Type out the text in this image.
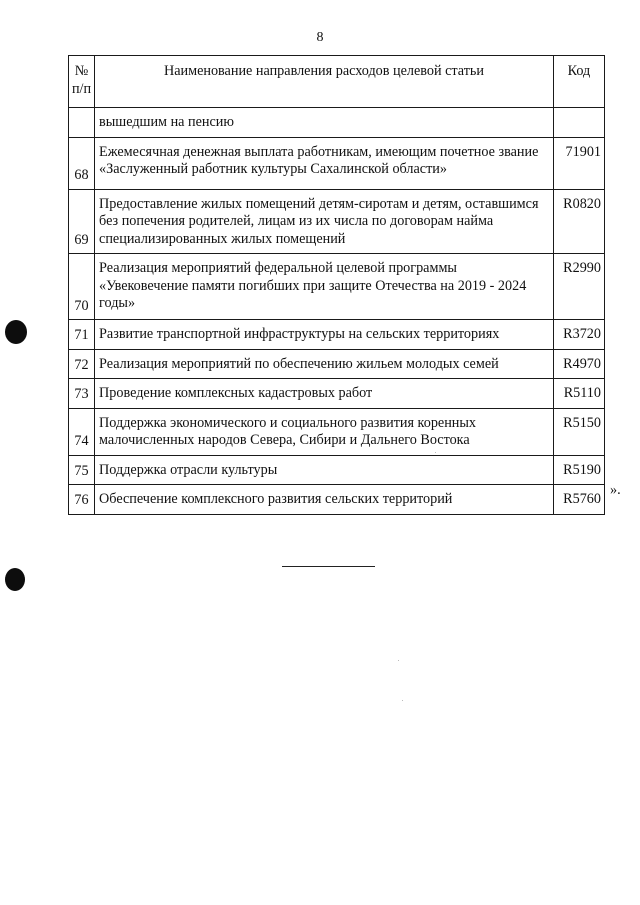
8
№
п/п	Наименование направления расходов целевой статьи	Код
	вышедшим на пенсию	
68	Ежемесячная денежная выплата работникам, имеющим почетное звание «Заслуженный работник культуры Сахалинской области»	71901
69	Предоставление жилых помещений детям-сиротам и детям, оставшимся без попечения родителей, лицам из их числа по договорам найма специализированных жилых помещений	R0820
70	Реализация мероприятий федеральной целевой программы «Увековечение памяти погибших при защите Отечества на 2019 - 2024 годы»	R2990
71	Развитие транспортной инфраструктуры на сельских территориях	R3720
72	Реализация мероприятий по обеспечению жильем молодых семей	R4970
73	Проведение комплексных кадастровых работ	R5110
74	Поддержка экономического и социального развития коренных малочисленных народов Севера, Сибири и Дальнего Востока	R5150
75	Поддержка отрасли культуры	R5190
76	Обеспечение комплексного развития сельских территорий	R5760
».
